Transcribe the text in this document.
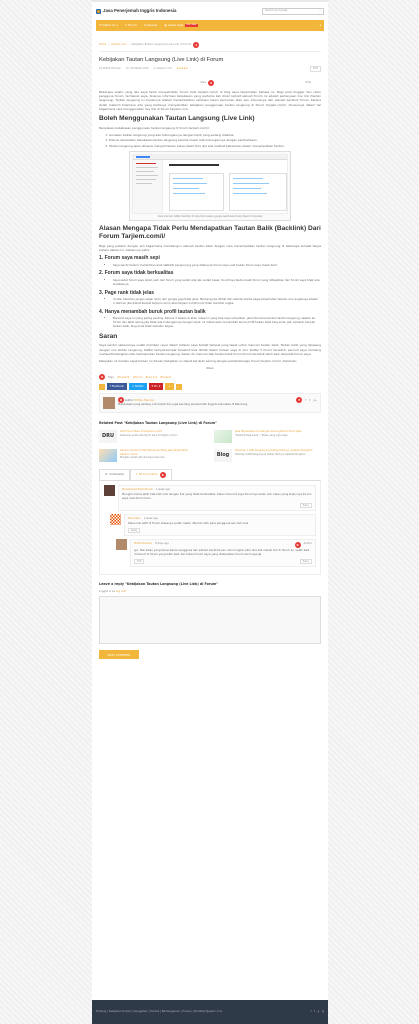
Jasa Penerjemah Inggris Indonesia	Search and press	⌕
☰ Daftar isi ▾	✎ Forum	★ Review	◉ Game Gaje	NEW GAME	▾
Home › tarjiem.com › Kebijakan Tautan Langsung (Live Link) di Forum	1
Kebijakan Tautan Langsung (Live Link) di Forum
by Pidhia Harnian On 16 Maret 2015 in tarjiem.com ★★★★★	Edit
Kisis	3	Hide

Beberapa waktu yang lalu saya telah menyebutkan forum baik tarjiem.com/i/ di blog saya terjemahan bahasa ini. Bagi para blogger dan calon pengguna forum, termasuk saya, bisanya informasi kebebasan yang pertama kali dicari terkait sebuah forum ini adalah pertanyaan live link (tautan langsung). Tautan langsung ini tujuannya adalah menambahkan optimasi mesin pencarian atau seo, khususnya dari sebuah backlink forum. Karena itulah maklum bilamana ada yang bertanya menyebutkan kebijakan penggunaan tautan langsung di forum tarjiem.com/i/, khususnya dalam hal bagaimana cara menggunakan live link di forum tarjiem.com.

Boleh Menggunakan Tautan Langsung (Live Link)

Penjelasan kebebasan penggunaan tautan langsung di forum tarjiem.com/i/:

1. Gunakan tautan langsung yang ada hubungannya dengan topik yang sedang dibahas.
2. Diskusi sampaikan kebebasan tautan langsung selama masih ada hubungannya dengan pembahasan.
3. Tautan langsung akan dihapus menjadi tautan biasa (dead link) jika ada melihat kebutuhan dalam menempatkan tautan.
Cara mencari daftar backlink di blog kita melalui google webmaster tools (Search Console)
Alasan Mengapa Tidak Perlu Mendapatkan Tautan Balik (Backlink) Dari Forum Tarjiem.com/i/

Bagi yang pahami dengan arti bagaimana membangun sebuah tautan balik dengan cara menempatkan tautan langsung di beberapa tempat tanpa paham alasan ini. Alasannya yakni:

1. Forum saya masih sepi
• Saya sendiri belum memikirkan arah statistik pengunjung yang datang ke forum saya, jadi tautan forum saya masih kecil.
2. Forum saya tidak berkualitas
• Saya sadar forum saya boleh juah dari forum yang sudah ada dan sudah besar. Itu artinya tautan balik forum yang didapatkan dari forum saya tidak ada kualitasnya.
3. Page rank tidak jelas
• Urutan halaman jangan pagai rank) dari google juga tidak jelas. Memang jika dilihat dari alamat utama pagai terjemahan tarjiem.com angkanya adalah 2. Namun jika dilihat alamat tarjiem.com/i/ atau tarjiem.com/forum/ tidak memiliki angka.
4. Hanya menambah buruk profil tautan balik
• Menurut saya ini yang paling penting. Karena 3 alasan di atas, maka ini yang bisa saya simpulkan. Jika kita menanamkan tautan langsung, seakan ke forum dan lebih sering jika tidak ada hubungannya dengan topik, ini malah akan menambah buruk profil tautan balik blog anda. Jadi semakin banyak tautan balik, blog anda tidak semakin bagus.
Saran

Saya sendiri sebenarnya sudah memberi reyal dalam kutipan saya terkait tempat yang tepat untuk mencari tautan balik. Tautan balik yang dipasang dengan live tautan langsung. Daftar tempat-tempat tersebut bisa dilihat dalam tulisan saya di sini. Daftar 5 forum tersebut, seluruh saya memang mempertimbangkan kita memasukkan tautan langsung. Selain itu mencari tapi tautan balik forum-forum tersebut lebih baik daripada forum saya.

Kebijakan ini berlaku sejak tulisan ini dibuat. Kebijakan ini dapat berubah seiring dengan perkembangan forum tarjiem.com/i/. Demikian.

Klien

5	Tags: #backlink #forum #live link #tarjiem
‹	f Facebook	✦ Twitter	P Pin it	+	›
6 Author Pidhia Harnian
Mahasiswa yang sedang cuti kuliah dan juga seorang penerjemah Inggris-Indonesia di Bandung.
7	f t g+
Related Post "Kebijakan Tautan Langsung (Live Link) di Forum"
DRU
Add Forum Baru Di tarjiem.com/i/
Sekarang sudah ada forum kecil di tarjiem.com/i/...
Jasa Terjemahan Ini Dengan Kosong Baca Forum Jasa
"Selamat Pagi dunia..." Bulan yang ingin saya
Saluran Gratis di Dan Memenuhi Blog Jasa Terjemahan tarjiem.com/i/
Mungkin sudah ada dua tiga bulan lalu	Blog
Sitemap: 1.600 Pengunjung Setiap Harinya, Apakah Mungkin?
Sitemap 1.600 Pengunjung Setiap Harinya, Apakah Mungkin?
✉ Comments	f FB Comments	8
Muhammad Ilham Nandi 1 week ago
Mungkin harus lebih hati-hati mas dengan link yang tidak berkualitas. Kalau menurut saya forumnya keren kok, kalau yang terjunnya ke sini saya mas forum baru.
Reply
Nova Bani 1 week ago
Kalau link aktif di forum biasanya sudah makin dituduh oleh para pengguna seo deh mas
Reply
Pidhia Harnian 6 days ago	9	Author
Iya. Fazi kalau yang benar-benar pengguna dan paham backlink seo, dia mungkin pikir dua kali masuk link di forum ini. Lebih baik di banuh di forum yang lebih baik dan bukan forum saya yang disesuaikan forum kecil saya 😀
Edit	Reply
Leave a reply "Kebijakan Tautan Langsung (Live Link) di Forum"
Logged in as Log out?
POST COMMENT
Tentang | Kebijakan Privasi | Sanggahan | Kontak | Berlangganan | Privacy | Berdikari@ajarin.com	f t g ◔
